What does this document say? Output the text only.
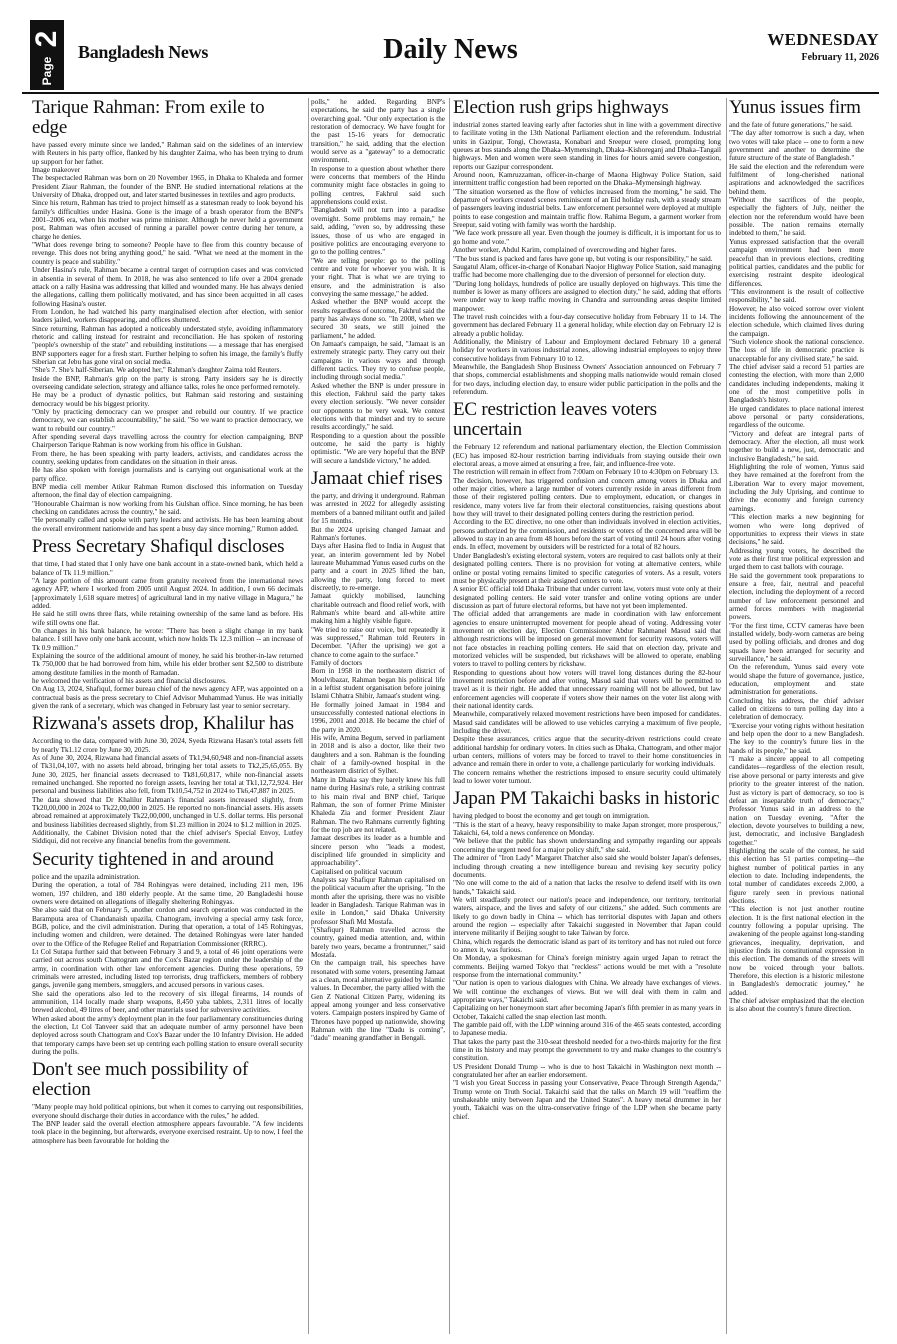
2
Page
Bangladesh News	Daily News	WEDNESDAY
February 11, 2026
Tarique Rahman: From exile to edge

have passed every minute since we landed," Rahman said on the sidelines of an interview with Reuters in his party office, flanked by his daughter Zaima, who has been trying to drum up support for her father.

Image makeover

The bespectacled Rahman was born on 20 November 1965, in Dhaka to Khaleda and former President Ziaur Rahman, the founder of the BNP. He studied international relations at the University of Dhaka, dropped out, and later started businesses in textiles and agro products.

Since his return, Rahman has tried to project himself as a statesman ready to look beyond his family's difficulties under Hasina. Gone is the image of a brash operator from the BNP's 2001–2006 era, when his mother was prime minister. Although he never held a government post, Rahman was often accused of running a parallel power centre during her tenure, a charge he denies.

"What does revenge bring to someone? People have to flee from this country because of revenge. This does not bring anything good," he said. "What we need at the moment in the country is peace and stability."

Under Hasina's rule, Rahman became a central target of corruption cases and was convicted in absentia in several of them. In 2018, he was also sentenced to life over a 2004 grenade attack on a rally Hasina was addressing that killed and wounded many. He has always denied the allegations, calling them politically motivated, and has since been acquitted in all cases following Hasina's ouster.

From London, he had watched his party marginalised election after election, with senior leaders jailed, workers disappearing, and offices shuttered.

Since returning, Rahman has adopted a noticeably understated style, avoiding inflammatory rhetoric and calling instead for restraint and reconciliation. He has spoken of restoring "people's ownership of the state" and rebuilding institutions — a message that has energised BNP supporters eager for a fresh start. Further helping to soften his image, the family's fluffy Siberian cat Jebu has gone viral on social media.

"She's 7. She's half-Siberian. We adopted her," Rahman's daughter Zaima told Reuters.

Inside the BNP, Rahman's grip on the party is strong. Party insiders say he is directly overseeing candidate selection, strategy and alliance talks, roles he once performed remotely.

He may be a product of dynastic politics, but Rahman said restoring and sustaining democracy would be his biggest priority.

"Only by practicing democracy can we prosper and rebuild our country. If we practice democracy, we can establish accountability," he said. "So we want to practice democracy, we want to rebuild our country."

After spending several days travelling across the country for election campaigning, BNP Chairperson Tarique Rahman is now working from his office in Gulshan.

From there, he has been speaking with party leaders, activists, and candidates across the country, seeking updates from candidates on the situation in their areas.

He has also spoken with foreign journalists and is carrying out organisational work at the party office.

BNP media cell member Atikur Rahman Rumon disclosed this information on Tuesday afternoon, the final day of election campaigning.

"Honourable Chairman is now working from his Gulshan office. Since morning, he has been checking on candidates across the country," he said.

"He personally called and spoke with party leaders and activists. He has been learning about the overall environment nationwide and has spent a busy day since morning," Rumon added.

Press Secretary Shafiqul discloses

that time, I had stated that I only have one bank account in a state-owned bank, which held a balance of Tk 11.9 million."

"A large portion of this amount came from gratuity received from the international news agency AFP, where I worked from 2005 until August 2024. In addition, I own 66 decimals [approximately 1,618 square metres] of agricultural land in my native village in Magura," he added.

He said he still owns three flats, while retaining ownership of the same land as before. His wife still owns one flat.

On changes in his bank balance, he wrote: "There has been a slight change in my bank balance. I still have only one bank account, which now holds Tk 12.3 million -- an increase of Tk 0.9 million."

Explaining the source of the additional amount of money, he said his brother-in-law returned Tk 750,000 that he had borrowed from him, while his elder brother sent $2,500 to distribute among destitute families in the month of Ramadan.

he welcomed the verification of his assets and financial disclosures.

On Aug 13, 2024, Shafiqul, former bureau chief of the news agency AFP, was appointed on a contractual basis as the press secretary to Chief Advisor Muhammad Yunus. He was initially given the rank of a secretary, which was changed in February last year to senior secretary.

Rizwana's assets drop, Khalilur has

According to the data, compared with June 30, 2024, Syeda Rizwana Hasan's total assets fell by nearly Tk1.12 crore by June 30, 2025.

As of June 30, 2024, Rizwana had financial assets of Tk1,94,60,948 and non-financial assets of Tk31,04,107, with no assets held abroad, bringing her total assets to Tk2,25,65,055. By June 30, 2025, her financial assets decreased to Tk81,60,817, while non-financial assets remained unchanged. She reported no foreign assets, leaving her total at Tk1,12,72,924. Her personal and business liabilities also fell, from Tk10,54,752 in 2024 to Tk6,47,887 in 2025.

The data showed that Dr Khalilur Rahman's financial assets increased slightly, from Tk20,00,000 in 2024 to Tk22,00,000 in 2025. He reported no non-financial assets. His assets abroad remained at approximately Tk22,00,000, unchanged in U.S. dollar terms. His personal and business liabilities decreased slightly, from $1.23 million in 2024 to $1.2 million in 2025.

Additionally, the Cabinet Division noted that the chief adviser's Special Envoy, Lutfey Siddiqui, did not receive any financial benefits from the government.

Security tightened in and around

police and the upazila administration.

During the operation, a total of 784 Rohingyas were detained, including 211 men, 196 women, 197 children, and 180 elderly people. At the same time, 20 Bangladeshi house owners were detained on allegations of illegally sheltering Rohingyas.

She also said that on February 5, another cordon and search operation was conducted in the Baramputa area of Chandanaish upazila, Chattogram, involving a special army task force, BGB, police, and the civil administration. During that operation, a total of 145 Rohingyas, including women and children, were detained. The detained Rohingyas were later handed over to the Office of the Refugee Relief and Repatriation Commissioner (RRRC).

Lt Col Sutapa further said that between February 3 and 9, a total of 46 joint operations were carried out across south Chattogram and the Cox's Bazar region under the leadership of the army, in coordination with other law enforcement agencies. During these operations, 59 criminals were arrested, including listed top terrorists, drug traffickers, members of robbery gangs, juvenile gang members, smugglers, and accused persons in various cases.

She said the operations also led to the recovery of six illegal firearms, 14 rounds of ammunition, 114 locally made sharp weapons, 8,450 yaba tablets, 2,311 litres of locally brewed alcohol, 49 litres of beer, and other materials used for subversive activities.

When asked about the army's deployment plan in the four parliamentary constituencies during the election, Lt Col Tanveer said that an adequate number of army personnel have been deployed across south Chattogram and Cox's Bazar under the 10 Infantry Division. He added that temporary camps have been set up centring each polling station to ensure overall security during the polls.

Don't see much possibility of election

"Many people may hold political opinions, but when it comes to carrying out responsibilities, everyone should discharge their duties in accordance with the rules," he added.

The BNP leader said the overall election atmosphere appears favourable. "A few incidents took place in the beginning, but afterwards, everyone exercised restraint. Up to now, I feel the atmosphere has been favourable for holding the

polls," he added. Regarding BNP's expectations, he said the party has a single overarching goal. "Our only expectation is the restoration of democracy. We have fought for the past 15-16 years for democratic transition," he said, adding that the election would serve as a "gateway" to a democratic environment.

In response to a question about whether there were concerns that members of the Hindu community might face obstacles in going to polling centres, Fakhrul said such apprehensions could exist.

"Bangladesh will not turn into a paradise overnight. Some problems may remain," he said, adding, "even so, by addressing these issues, those of us who are engaged in positive politics are encouraging everyone to go to the polling centres."

"We are telling people: go to the polling centre and vote for whoever you wish. It is your right. That is what we are trying to ensure, and the administration is also conveying the same message," he added.

Asked whether the BNP would accept the results regardless of outcome, Fakhrul said the party has always done so. "In 2008, when we secured 30 seats, we still joined the parliament," he added.

On Jamaat's campaign, he said, "Jamaat is an extremely strategic party. They carry out their campaigns in various ways and through different tactics. They try to confuse people, including through social media."

Asked whether the BNP is under pressure in this election, Fakhrul said the party takes every election seriously. "We never consider our opponents to be very weak. We contest elections with that mindset and try to secure results accordingly," he said.

Responding to a question about the possible outcome, he said the party is highly optimistic. "We are very hopeful that the BNP will secure a landslide victory," he added.

Jamaat chief rises

the party, and driving it underground. Rahman was arrested in 2022 for allegedly assisting members of a banned militant outfit and jailed for 15 months.

But the 2024 uprising changed Jamaat and Rahman's fortunes.

Days after Hasina fled to India in August that year, an interim government led by Nobel laureate Muhammad Yunus eased curbs on the party and a court in 2025 lifted the ban, allowing the party, long forced to meet discreetly, to re-emerge.

Jamaat quickly mobilised, launching charitable outreach and flood relief work, with Rahman's white beard and all-white attire making him a highly visible figure.

"We tried to raise our voice, but repeatedly it was suppressed," Rahman told Reuters in December. "(After the uprising) we got a chance to come again to the surface."

Family of doctors

Born in 1958 in the northeastern district of Moulvibazar, Rahman began his political life in a leftist student organisation before joining Islami Chhatra Shibir, Jamaat's student wing.

He formally joined Jamaat in 1984 and unsuccessfully contested national elections in 1996, 2001 and 2018. He became the chief of the party in 2020.

His wife, Amina Begum, served in parliament in 2018 and is also a doctor, like their two daughters and a son. Rahman is the founding chair of a family-owned hospital in the northeastern district of Sylhet.

Many in Dhaka say they barely knew his full name during Hasina's rule, a striking contrast to his main rival and BNP chief, Tarique Rahman, the son of former Prime Minister Khaleda Zia and former President Ziaur Rahman. The two Rahmans currently fighting for the top job are not related.

Jamaat describes its leader as a humble and sincere person who "leads a modest, disciplined life grounded in simplicity and approachability".

Capitalised on political vacuum

Analysts say Shafiqur Rahman capitalised on the political vacuum after the uprising. "In the month after the uprising, there was no visible leader in Bangladesh. Tarique Rahman was in exile in London," said Dhaka University professor Shafi Md Mostafa.

"(Shafiqur) Rahman travelled across the country, gained media attention, and, within barely two years, became a frontrunner," said Mostafa.

On the campaign trail, his speeches have resonated with some voters, presenting Jamaat as a clean, moral alternative guided by Islamic values. In December, the party allied with the Gen Z National Citizen Party, widening its appeal among younger and less conservative voters. Campaign posters inspired by Game of Thrones have popped up nationwide, showing Rahman with the line "Dadu is coming", "dadu" meaning grandfather in Bengali.

Election rush grips highways

industrial zones started leaving early after factories shut in line with a government directive to facilitate voting in the 13th National Parliament election and the referendum. Industrial units in Gazipur, Tongi, Chowrasta, Konabari and Sreepur were closed, prompting long queues at bus stands along the Dhaka–Mymensingh, Dhaka–Kishoreganj and Dhaka–Tangail highways. Men and women were seen standing in lines for hours amid severe congestion, reports our Gazipur correspondent.

Around noon, Kamruzzaman, officer-in-charge of Maona Highway Police Station, said intermittent traffic congestion had been reported on the Dhaka–Mymensingh highway.

"The situation worsened as the flow of vehicles increased from the morning," he said. The departure of workers created scenes reminiscent of an Eid holiday rush, with a steady stream of passengers leaving industrial belts. Law enforcement personnel were deployed at multiple points to ease congestion and maintain traffic flow. Rahima Begum, a garment worker from Sreepur, said voting with family was worth the hardship.

"We face work pressure all year. Even though the journey is difficult, it is important for us to go home and vote."

Another worker, Abdul Karim, complained of overcrowding and higher fares.

"The bus stand is packed and fares have gone up, but voting is our responsibility," he said.

Saugatul Alam, officer-in-charge of Konabari Naojor Highway Police Station, said managing traffic had become more challenging due to the diversion of personnel for election duty.

"During long holidays, hundreds of police are usually deployed on highways. This time the number is lower as many officers are assigned to election duty," he said, adding that efforts were under way to keep traffic moving in Chandra and surrounding areas despite limited manpower.

The travel rush coincides with a four-day consecutive holiday from February 11 to 14. The government has declared February 11 a general holiday, while election day on February 12 is already a public holiday.

Additionally, the Ministry of Labour and Employment declared February 10 a general holiday for workers in various industrial zones, allowing industrial employees to enjoy three consecutive holidays from February 10 to 12.

Meanwhile, the Bangladesh Shop Business Owners' Association announced on February 7 that shops, commercial establishments and shopping malls nationwide would remain closed for two days, including election day, to ensure wider public participation in the polls and the referendum.

EC restriction leaves voters uncertain

the February 12 referendum and national parliamentary election, the Election Commission (EC) has imposed 82-hour restriction barring individuals from staying outside their own electoral areas, a move aimed at ensuring a free, fair, and influence-free vote.

The restriction will remain in effect from 7:00am on February 10 to 4:30pm on February 13.

The decision, however, has triggered confusion and concern among voters in Dhaka and other major cities, where a large number of voters currently reside in areas different from those of their registered polling centers. Due to employment, education, or changes in residence, many voters live far from their electoral constituencies, raising questions about how they will travel to their designated polling centers during the restriction period.

According to the EC directive, no one other than individuals involved in election activities, persons authorized by the commission, and residents or voters of the concerned area will be allowed to stay in an area from 48 hours before the start of voting until 24 hours after voting ends. In effect, movement by outsiders will be restricted for a total of 82 hours.

Under Bangladesh's existing electoral system, voters are required to cast ballots only at their designated polling centers. There is no provision for voting at alternative centers, while online or postal voting remains limited to specific categories of voters. As a result, voters must be physically present at their assigned centers to vote.

A senior EC official told Dhaka Tribune that under current law, voters must vote only at their designated polling centers. He said voter transfer and online voting options are under discussion as part of future electoral reforms, but have not yet been implemented.

The official added that arrangements are made in coordination with law enforcement agencies to ensure uninterrupted movement for people ahead of voting. Addressing voter movement on election day, Election Commissioner Abdur Rahmanel Masud said that although restrictions will be imposed on general movement for security reasons, voters will not face obstacles in reaching polling centers. He said that on election day, private and motorized vehicles will be suspended, but rickshaws will be allowed to operate, enabling voters to travel to polling centers by rickshaw.

Responding to questions about how voters will travel long distances during the 82-hour movement restriction before and after voting, Masud said that voters will be permitted to travel as it is their right. He added that unnecessary roaming will not be allowed, but law enforcement agencies will cooperate if voters show their names on the voter list along with their national identity cards.

Meanwhile, comparatively relaxed movement restrictions have been imposed for candidates. Masud said candidates will be allowed to use vehicles carrying a maximum of five people, including the driver.

Despite these assurances, critics argue that the security-driven restrictions could create additional hardship for ordinary voters. In cities such as Dhaka, Chattogram, and other major urban centers, millions of voters may be forced to travel to their home constituencies in advance and remain there in order to vote, a challenge particularly for working individuals.

The concern remains whether the restrictions imposed to ensure security could ultimately lead to lower voter turnout.

Japan PM Takaichi basks in historic

having pledged to boost the economy and get tough on immigration.

"This is the start of a heavy, heavy responsibility to make Japan stronger, more prosperous," Takaichi, 64, told a news conference on Monday.

"We believe that the public has shown understanding and sympathy regarding our appeals concerning the urgent need for a major policy shift," she said.

The admirer of "Iron Lady" Margaret Thatcher also said she would bolster Japan's defenses, including through creating a new intelligence bureau and revising key security policy documents.

"No one will come to the aid of a nation that lacks the resolve to defend itself with its own hands," Takaichi said.

We will steadfastly protect our nation's peace and independence, our territory, territorial waters, airspace, and the lives and safety of our citizens," she added. Such comments are likely to go down badly in China -- which has territorial disputes with Japan and others around the region -- especially after Takaichi suggested in November that Japan could intervene militarily if Beijing sought to take Taiwan by force.

China, which regards the democratic island as part of its territory and has not ruled out force to annex it, was furious.

On Monday, a spokesman for China's foreign ministry again urged Japan to retract the comments. Beijing warned Tokyo that "reckless" actions would be met with a "resolute response from the international community."

"Our nation is open to various dialogues with China. We already have exchanges of views. We will continue the exchanges of views. But we will deal with them in calm and appropriate ways," Takaichi said.

Capitalizing on her honeymoon start after becoming Japan's fifth premier in as many years in October, Takaichi called the snap election last month.

The gamble paid off, with the LDP winning around 316 of the 465 seats contested, according to Japanese media.

That takes the party past the 310-seat threshold needed for a two-thirds majority for the first time in its history and may prompt the government to try and make changes to the country's constitution.

US President Donald Trump -- who is due to host Takaichi in Washington next month -- congratulated her after an earlier endorsement.

"I wish you Great Success in passing your Conservative, Peace Through Strength Agenda," Trump wrote on Truth Social. Takaichi said that the talks on March 19 will "reaffirm the unshakeable unity between Japan and the United States". A heavy metal drummer in her youth, Takaichi was on the ultra-conservative fringe of the LDP when she became party chief.

Yunus issues firm

and the fate of future generations," he said.

"The day after tomorrow is such a day, when two votes will take place -- one to form a new government and another to determine the future structure of the state of Bangladesh."

He said the election and the referendum were fulfilment of long-cherished national aspirations and acknowledged the sacrifices behind them.

"Without the sacrifices of the people, especially the fighters of July, neither the election nor the referendum would have been possible. The nation remains eternally indebted to them," he said.

Yunus expressed satisfaction that the overall campaign environment had been more peaceful than in previous elections, crediting political parties, candidates and the public for exercising restraint despite ideological differences.

"This environment is the result of collective responsibility," he said.

However, he also voiced sorrow over violent incidents following the announcement of the election schedule, which claimed lives during the campaign.

"Such violence shook the national conscience. The loss of life in democratic practice is unacceptable for any civilised state," he said.

The chief adviser said a record 51 parties are contesting the election, with more than 2,000 candidates including independents, making it one of the most competitive polls in Bangladesh's history.

He urged candidates to place national interest above personal or party considerations, regardless of the outcome.

"Victory and defeat are integral parts of democracy. After the election, all must work together to build a new, just, democratic and inclusive Bangladesh," he said.

Highlighting the role of women, Yunus said they have remained at the forefront from the Liberation War to every major movement, including the July Uprising, and continue to drive the economy and foreign currency earnings.

"This election marks a new beginning for women who were long deprived of opportunities to express their views in state decisions," he said.

Addressing young voters, he described the vote as their first true political expression and urged them to cast ballots with courage.

He said the government took preparations to ensure a free, fair, neutral and peaceful election, including the deployment of a record number of law enforcement personnel and armed forces members with magisterial powers.

"For the first time, CCTV cameras have been installed widely, body-worn cameras are being used by polling officials, and drones and dog squads have been arranged for security and surveillance," he said.

On the referendum, Yunus said every vote would shape the future of governance, justice, education, employment and state administration for generations.

Concluding his address, the chief adviser called on citizens to turn polling day into a celebration of democracy.

"Exercise your voting rights without hesitation and help open the door to a new Bangladesh. The key to the country's future lies in the hands of its people," he said.

"I make a sincere appeal to all competing candidates—regardless of the election result, rise above personal or party interests and give priority to the greater interest of the nation. Just as victory is part of democracy, so too is defeat an inseparable truth of democracy," Professor Yunus said in an address to the nation on Tuesday evening. "After the election, devote yourselves to building a new, just, democratic, and inclusive Bangladesh together."

Highlighting the scale of the contest, he said this election has 51 parties competing—the highest number of political parties in any election to date. Including independents, the total number of candidates exceeds 2,000, a figure rarely seen in previous national elections.

"This election is not just another routine election. It is the first national election in the country following a popular uprising. The awakening of the people against long-standing grievances, inequality, deprivation, and injustice finds its constitutional expression in this election. The demands of the streets will now be voiced through your ballots. Therefore, this election is a historic milestone in Bangladesh's democratic journey," he added.

The chief adviser emphasized that the election is also about the country's future direction.
